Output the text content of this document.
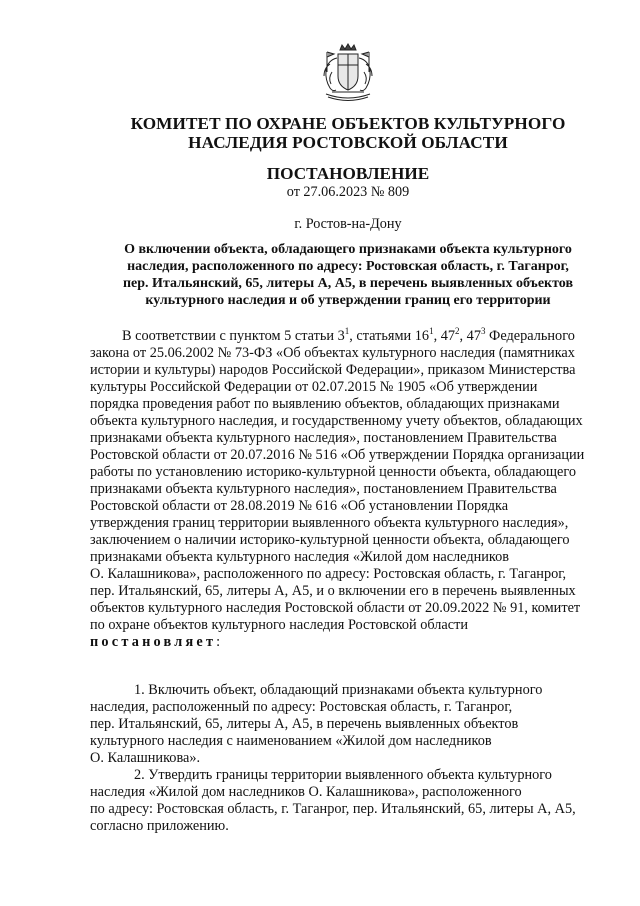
КОМИТЕТ ПО ОХРАНЕ ОБЪЕКТОВ КУЛЬТУРНОГО
НАСЛЕДИЯ РОСТОВСКОЙ ОБЛАСТИ
ПОСТАНОВЛЕНИЕ
от 27.06.2023 № 809
г. Ростов-на-Дону
О включении объекта, обладающего признаками объекта культурного
наследия, расположенного по адресу: Ростовская область, г. Таганрог,
пер. Итальянский, 65, литеры А, А5, в перечень выявленных объектов
культурного наследия и об утверждении границ его территории
В соответствии с пунктом 5 статьи $3^1$, статьями $16^1$, $47^2$, $47^3$ Федерального
закона от 25.06.2002 № 73-ФЗ «Об объектах культурного наследия (памятниках
истории и культуры) народов Российской Федерации», приказом Министерства
культуры Российской Федерации от 02.07.2015 № 1905 «Об утверждении
порядка проведения работ по выявлению объектов, обладающих признаками
объекта культурного наследия, и государственному учету объектов, обладающих
признаками объекта культурного наследия», постановлением Правительства
Ростовской области от 20.07.2016 № 516 «Об утверждении Порядка организации
работы по установлению историко-культурной ценности объекта, обладающего
признаками объекта культурного наследия», постановлением Правительства
Ростовской области от 28.08.2019 № 616 «Об установлении Порядка
утверждения границ территории выявленного объекта культурного наследия»,
заключением о наличии историко-культурной ценности объекта, обладающего
признаками объекта культурного наследия «Жилой дом наследников
О. Калашникова», расположенного по адресу: Ростовская область, г. Таганрог,
пер. Итальянский, 65, литеры А, А5, и о включении его в перечень выявленных
объектов культурного наследия Ростовской области от 20.09.2022 № 91, комитет
по охране объектов культурного наследия Ростовской области
постановляет:
1. Включить объект, обладающий признаками объекта культурного
наследия, расположенный по адресу: Ростовская область, г. Таганрог,
пер. Итальянский, 65, литеры А, А5, в перечень выявленных объектов
культурного наследия с наименованием «Жилой дом наследников
О. Калашникова».
2. Утвердить границы территории выявленного объекта культурного
наследия «Жилой дом наследников О. Калашникова», расположенного
по адресу: Ростовская область, г. Таганрог, пер. Итальянский, 65, литеры А, А5,
согласно приложению.
